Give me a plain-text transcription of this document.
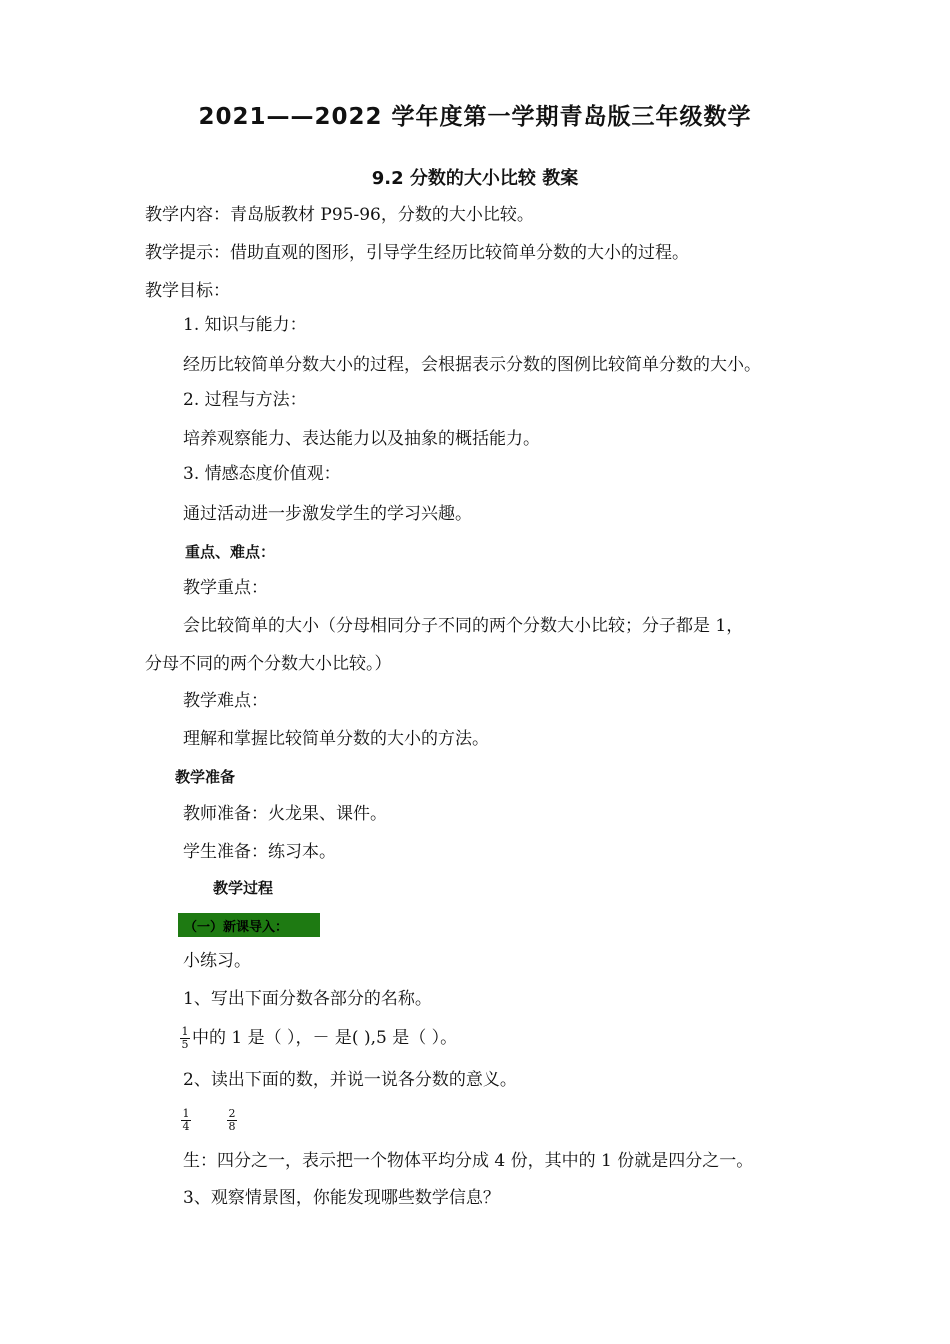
2021——2022 学年度第一学期青岛版三年级数学
9.2 分数的大小比较 教案
教学内容：青岛版教材 P95-96，分数的大小比较。
教学提示：借助直观的图形，引导学生经历比较简单分数的大小的过程。
教学目标：
1. 知识与能力：
经历比较简单分数大小的过程，会根据表示分数的图例比较简单分数的大小。
2. 过程与方法：
培养观察能力、表达能力以及抽象的概括能力。
3. 情感态度价值观：
通过活动进一步激发学生的学习兴趣。
重点、难点：
教学重点：
会比较简单的大小（分母相同分子不同的两个分数大小比较；分子都是 1，
分母不同的两个分数大小比较。）
教学难点：
理解和掌握比较简单分数的大小的方法。
教学准备
教师准备：火龙果、课件。
学生准备：练习本。
教学过程
（一）新课导入：
小练习。
1、写出下面分数各部分的名称。
$\frac{1}{5}$ 中的 1 是（ ），－ 是( ),5 是（ ）。
2、读出下面的数，并说一说各分数的意义。
$\frac{1}{4}$	$\frac{2}{8}$
生：四分之一，表示把一个物体平均分成 4 份，其中的 1 份就是四分之一。
3、观察情景图，你能发现哪些数学信息？
